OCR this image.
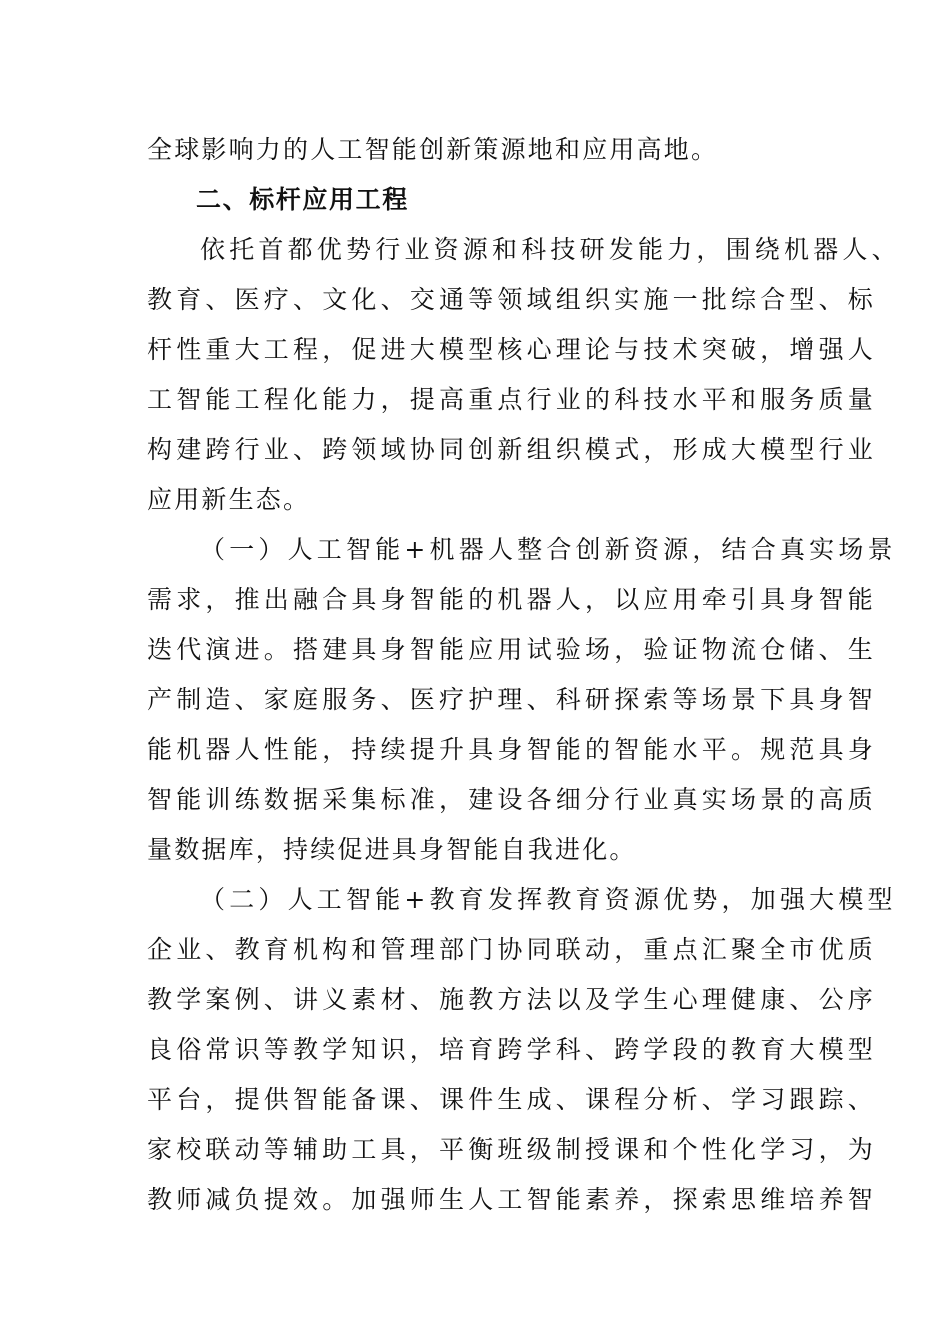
全球影响力的人工智能创新策源地和应用高地。
二、标杆应用工程
依托首都优势行业资源和科技研发能力，围绕机器人、
教育、医疗、文化、交通等领域组织实施一批综合型、标
杆性重大工程，促进大模型核心理论与技术突破，增强人
工智能工程化能力，提高重点行业的科技水平和服务质量
构建跨行业、跨领域协同创新组织模式，形成大模型行业
应用新生态。
（一）人工智能+机器人整合创新资源，结合真实场景
需求，推出融合具身智能的机器人，以应用牵引具身智能
迭代演进。搭建具身智能应用试验场，验证物流仓储、生
产制造、家庭服务、医疗护理、科研探索等场景下具身智
能机器人性能，持续提升具身智能的智能水平。规范具身
智能训练数据采集标准，建设各细分行业真实场景的高质
量数据库，持续促进具身智能自我进化。
（二）人工智能+教育发挥教育资源优势，加强大模型
企业、教育机构和管理部门协同联动，重点汇聚全市优质
教学案例、讲义素材、施教方法以及学生心理健康、公序
良俗常识等教学知识，培育跨学科、跨学段的教育大模型
平台，提供智能备课、课件生成、课程分析、学习跟踪、
家校联动等辅助工具，平衡班级制授课和个性化学习，为
教师减负提效。加强师生人工智能素养，探索思维培养智
